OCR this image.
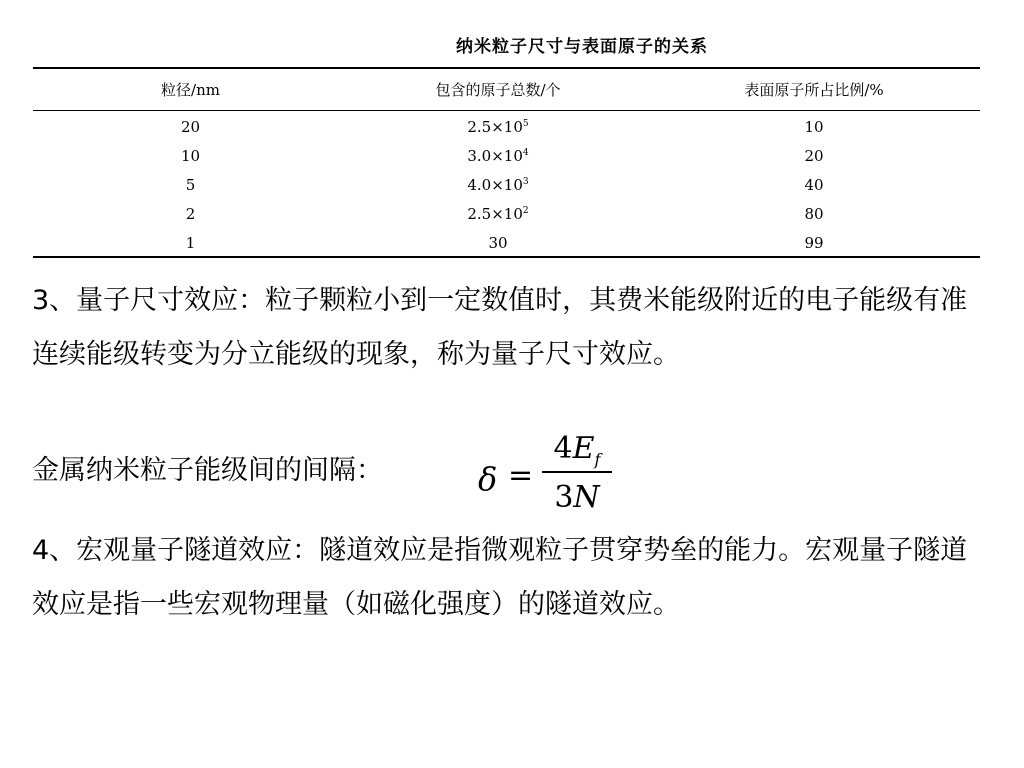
纳米粒子尺寸与表面原子的关系
粒径/nm	包含的原子总数/个	表面原子所占比例/%
20	$2.5\times 10^5$	10
10	$3.0\times 10^4$	20
5	$4.0\times 10^3$	40
2	$2.5\times 10^2$	80
1	30	99

3、量子尺寸效应：粒子颗粒小到一定数值时，其费米能级附近的电子能级有准连续能级转变为分立能级的现象，称为量子尺寸效应。

金属纳米粒子能级间的间隔：	δ =
$4E_f$
3N

4、宏观量子隧道效应：隧道效应是指微观粒子贯穿势垒的能力。宏观量子隧道效应是指一些宏观物理量（如磁化强度）的隧道效应。
